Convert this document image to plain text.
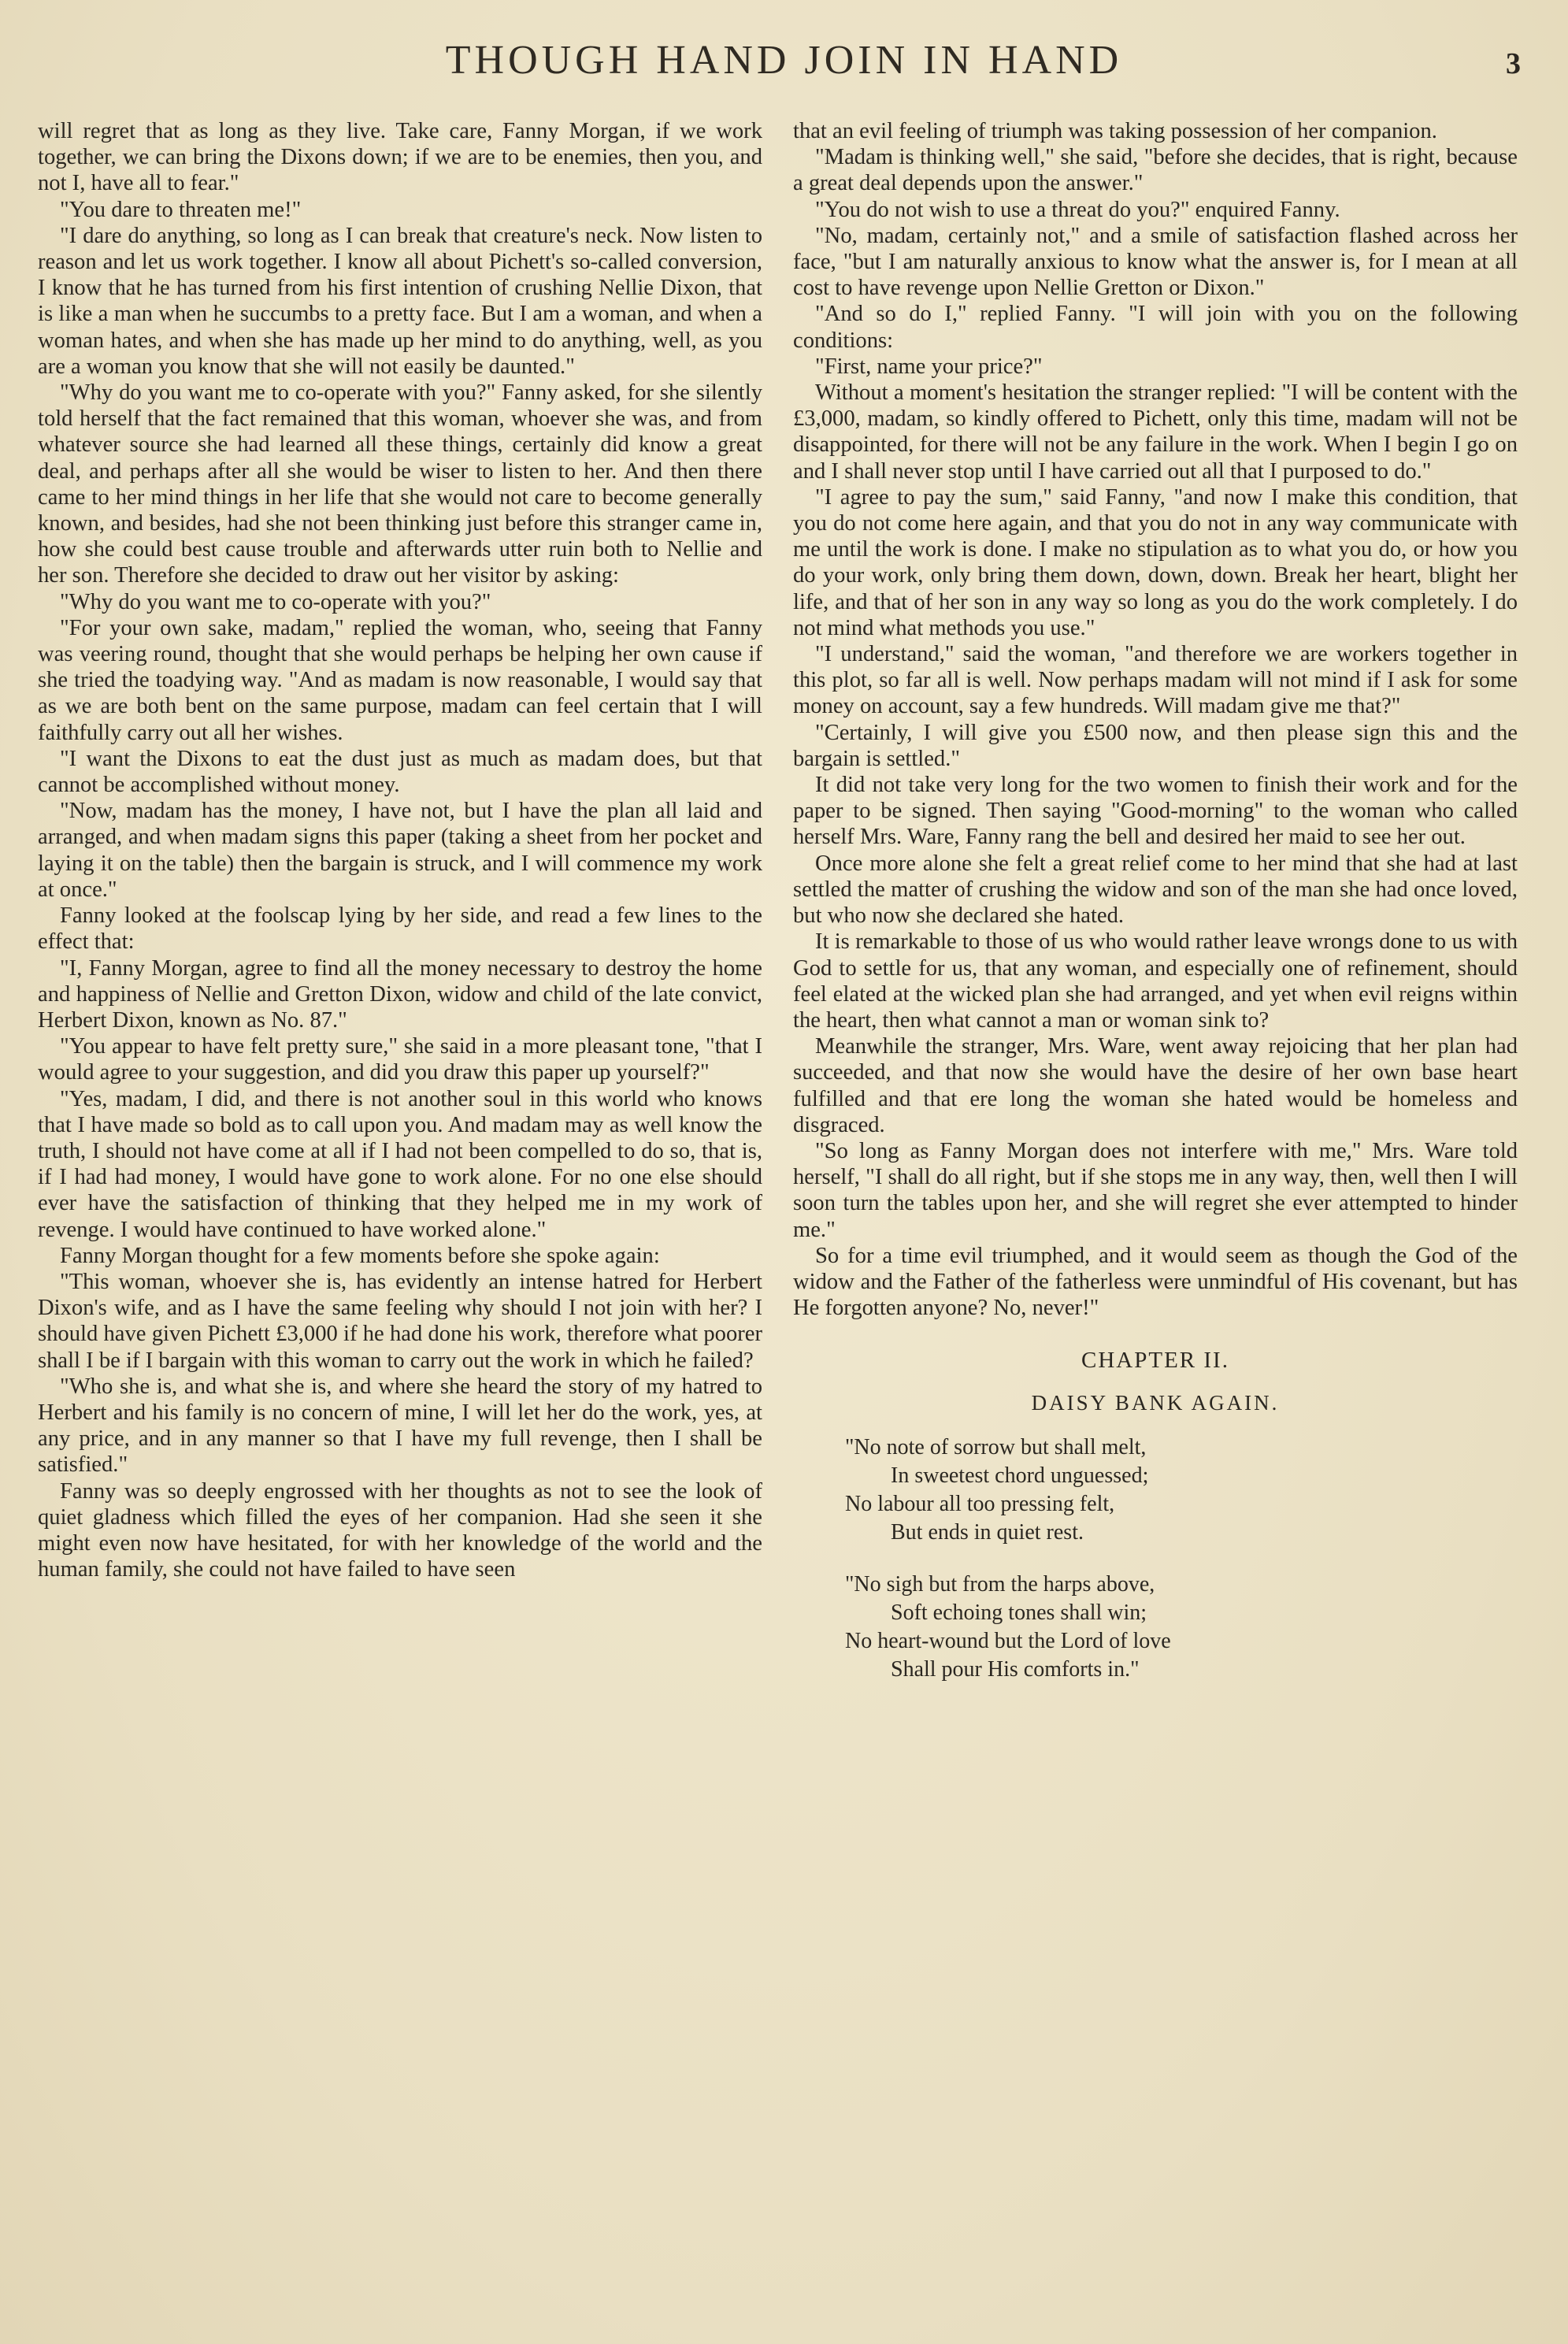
THOUGH HAND JOIN IN HAND	3

will regret that as long as they live. Take care, Fanny Morgan, if we work together, we can bring the Dixons down; if we are to be enemies, then you, and not I, have all to fear."

"You dare to threaten me!"

"I dare do anything, so long as I can break that creature's neck. Now listen to reason and let us work together. I know all about Pichett's so-called conversion, I know that he has turned from his first intention of crushing Nellie Dixon, that is like a man when he succumbs to a pretty face. But I am a woman, and when a woman hates, and when she has made up her mind to do anything, well, as you are a woman you know that she will not easily be daunted."

"Why do you want me to co-operate with you?" Fanny asked, for she silently told herself that the fact remained that this woman, whoever she was, and from whatever source she had learned all these things, certainly did know a great deal, and perhaps after all she would be wiser to listen to her. And then there came to her mind things in her life that she would not care to become generally known, and besides, had she not been thinking just before this stranger came in, how she could best cause trouble and afterwards utter ruin both to Nellie and her son. Therefore she decided to draw out her visitor by asking:

"Why do you want me to co-operate with you?"

"For your own sake, madam," replied the woman, who, seeing that Fanny was veering round, thought that she would perhaps be helping her own cause if she tried the toadying way. "And as madam is now reasonable, I would say that as we are both bent on the same purpose, madam can feel certain that I will faithfully carry out all her wishes.

"I want the Dixons to eat the dust just as much as madam does, but that cannot be accomplished without money.

"Now, madam has the money, I have not, but I have the plan all laid and arranged, and when madam signs this paper (taking a sheet from her pocket and laying it on the table) then the bargain is struck, and I will commence my work at once."

Fanny looked at the foolscap lying by her side, and read a few lines to the effect that:

"I, Fanny Morgan, agree to find all the money necessary to destroy the home and happiness of Nellie and Gretton Dixon, widow and child of the late convict, Herbert Dixon, known as No. 87."

"You appear to have felt pretty sure," she said in a more pleasant tone, "that I would agree to your suggestion, and did you draw this paper up yourself?"

"Yes, madam, I did, and there is not another soul in this world who knows that I have made so bold as to call upon you. And madam may as well know the truth, I should not have come at all if I had not been compelled to do so, that is, if I had had money, I would have gone to work alone. For no one else should ever have the satisfaction of thinking that they helped me in my work of revenge. I would have continued to have worked alone."

Fanny Morgan thought for a few moments before she spoke again:

"This woman, whoever she is, has evidently an intense hatred for Herbert Dixon's wife, and as I have the same feeling why should I not join with her? I should have given Pichett £3,000 if he had done his work, therefore what poorer shall I be if I bargain with this woman to carry out the work in which he failed?

"Who she is, and what she is, and where she heard the story of my hatred to Herbert and his family is no concern of mine, I will let her do the work, yes, at any price, and in any manner so that I have my full revenge, then I shall be satisfied."

Fanny was so deeply engrossed with her thoughts as not to see the look of quiet gladness which filled the eyes of her companion. Had she seen it she might even now have hesitated, for with her knowledge of the world and the human family, she could not have failed to have seen

that an evil feeling of triumph was taking possession of her companion.

"Madam is thinking well," she said, "before she decides, that is right, because a great deal depends upon the answer."

"You do not wish to use a threat do you?" enquired Fanny.

"No, madam, certainly not," and a smile of satisfaction flashed across her face, "but I am naturally anxious to know what the answer is, for I mean at all cost to have revenge upon Nellie Gretton or Dixon."

"And so do I," replied Fanny. "I will join with you on the following conditions:

"First, name your price?"

Without a moment's hesitation the stranger replied: "I will be content with the £3,000, madam, so kindly offered to Pichett, only this time, madam will not be disappointed, for there will not be any failure in the work. When I begin I go on and I shall never stop until I have carried out all that I purposed to do."

"I agree to pay the sum," said Fanny, "and now I make this condition, that you do not come here again, and that you do not in any way communicate with me until the work is done. I make no stipulation as to what you do, or how you do your work, only bring them down, down, down. Break her heart, blight her life, and that of her son in any way so long as you do the work completely. I do not mind what methods you use."

"I understand," said the woman, "and therefore we are workers together in this plot, so far all is well. Now perhaps madam will not mind if I ask for some money on account, say a few hundreds. Will madam give me that?"

"Certainly, I will give you £500 now, and then please sign this and the bargain is settled."

It did not take very long for the two women to finish their work and for the paper to be signed. Then saying "Good-morning" to the woman who called herself Mrs. Ware, Fanny rang the bell and desired her maid to see her out.

Once more alone she felt a great relief come to her mind that she had at last settled the matter of crushing the widow and son of the man she had once loved, but who now she declared she hated.

It is remarkable to those of us who would rather leave wrongs done to us with God to settle for us, that any woman, and especially one of refinement, should feel elated at the wicked plan she had arranged, and yet when evil reigns within the heart, then what cannot a man or woman sink to?

Meanwhile the stranger, Mrs. Ware, went away rejoicing that her plan had succeeded, and that now she would have the desire of her own base heart fulfilled and that ere long the woman she hated would be homeless and disgraced.

"So long as Fanny Morgan does not interfere with me," Mrs. Ware told herself, "I shall do all right, but if she stops me in any way, then, well then I will soon turn the tables upon her, and she will regret she ever attempted to hinder me."

So for a time evil triumphed, and it would seem as though the God of the widow and the Father of the fatherless were unmindful of His covenant, but has He forgotten anyone? No, never!"

CHAPTER II.
DAISY BANK AGAIN.
"No note of sorrow but shall melt,
In sweetest chord unguessed;
No labour all too pressing felt,
But ends in quiet rest.
"No sigh but from the harps above,
Soft echoing tones shall win;
No heart-wound but the Lord of love
Shall pour His comforts in."
